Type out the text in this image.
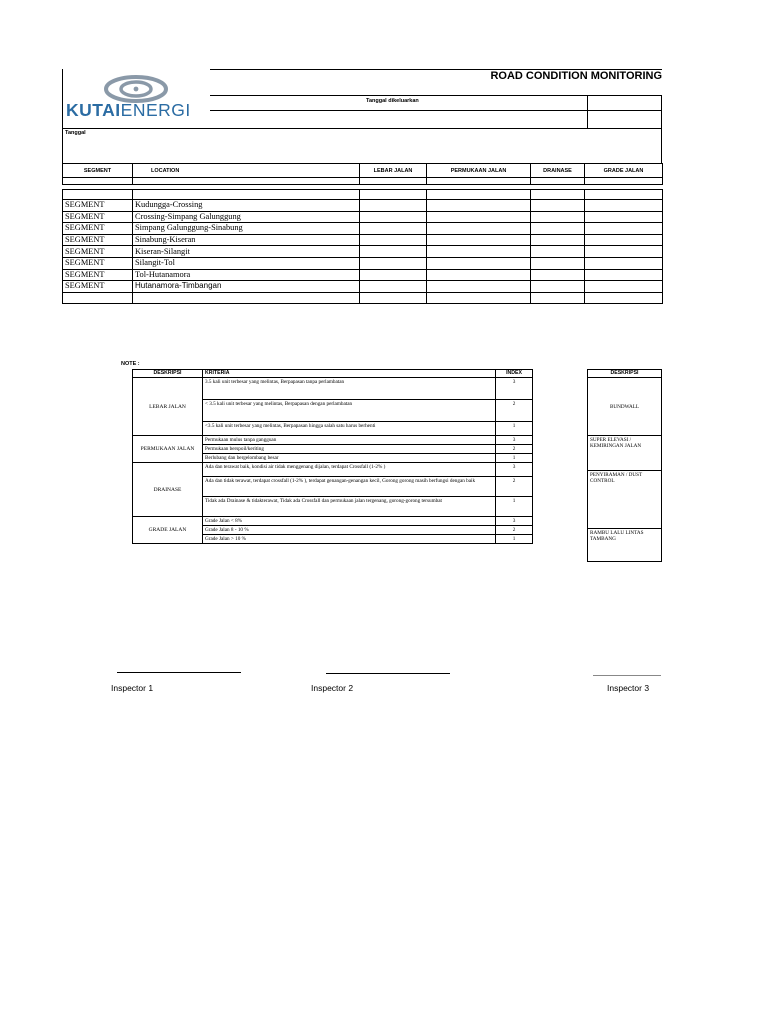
KUTAIENERGI
ROAD CONDITION MONITORING
Tanggal dikeluarkan
Tanggal
SEGMENT	LOCATION	LEBAR JALAN	PERMUKAAN JALAN	DRAINASE	GRADE JALAN

SEGMENT	Kudungga-Crossing				
SEGMENT	Crossing-Simpang Galunggung				
SEGMENT	Simpang Galunggung-Sinabung				
SEGMENT	Sinabung-Kiseran				
SEGMENT	Kiseran-Silangit				
SEGMENT	Silangit-Tol				
SEGMENT	Tol-Hutanamora				
SEGMENT	Hutanamora-Timbangan				

NOTE :
DESKRIPSI	KRITERIA	INDEX
LEBAR JALAN	3.5 kali unit terbesar yang melintas, Berpapasan tanpa perlambatan	3
	< 3.5 kali unit terbesar yang melintas, Berpapasan dengan perlambatan	2
	<3.5 kali unit terbesar yang melintas, Berpapasan hingga salah satu harus berhenti	1
PERMUKAAN JALAN	Permukaan mulus tanpa gangguan	3
	Permukaan berspoil/keriting	2
	Berlubang dan bergelombang besar	1
DRAINASE	Ada dan terawat baik, kondisi air tidak menggenang dijalan, terdapat Crossfall (1-2% )	3
	Ada dan tidak terawat, terdapat crossfall (1-2% ), terdapat genangan-genangan kecil, Gorong gorong masih berfungsi dengan baik	2
	Tidak ada Drainase & tidakterawat, Tidak ada Crossfall dan permukaan jalan tergenang, gorong-gorong tersumbat	1
GRADE JALAN	Grade Jalan < 8%	3
	Grade Jalan 8 - 10 %	2
	Grade Jalan > 10 %	1
DESKRIPSI
BUNDWALL
SUPER ELEVASI / KEMIRINGAN JALAN
PENYIRAMAN / DUST CONTROL
RAMBU LALU LINTAS TAMBANG
Inspector 1	Inspector 2	Inspector 3
